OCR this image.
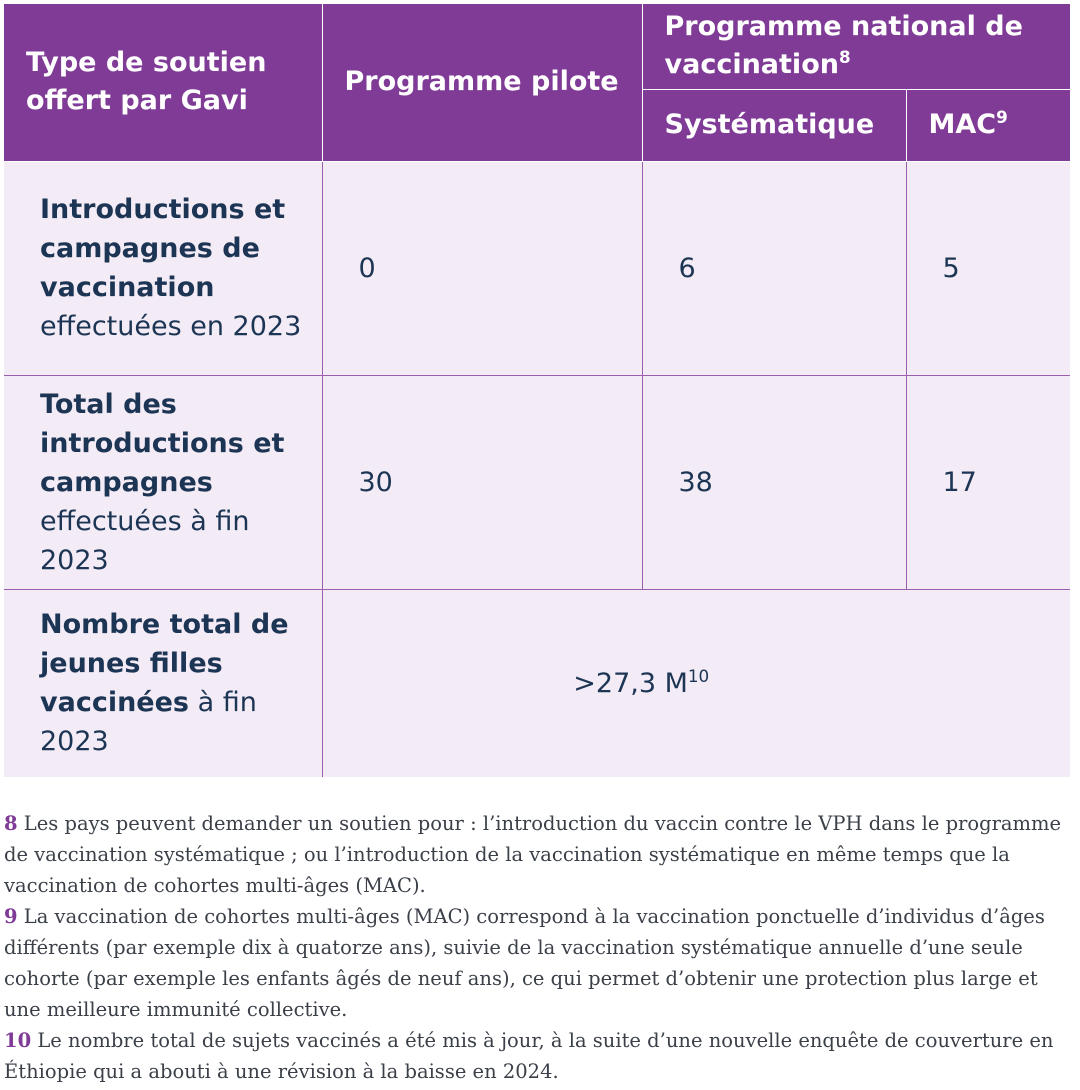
Type de soutien offert par Gavi	Programme pilote	Programme national de vaccination$^8$
		Systématique	MAC$^9$
Introductions et campagnes de vaccination effectuées en 2023	0	6	5
Total des introductions et campagnes effectuées à fin 2023	30	38	17
Nombre total de jeunes filles vaccinées à fin 2023	>27,3 $M^{10}$

8 Les pays peuvent demander un soutien pour : l’introduction du vaccin contre le VPH dans le programme de vaccination systématique ; ou l’introduction de la vaccination systématique en même temps que la vaccination de cohortes multi-âges (MAC).

9 La vaccination de cohortes multi-âges (MAC) correspond à la vaccination ponctuelle d’individus d’âges différents (par exemple dix à quatorze ans), suivie de la vaccination systématique annuelle d’une seule cohorte (par exemple les enfants âgés de neuf ans), ce qui permet d’obtenir une protection plus large et une meilleure immunité collective.

10 Le nombre total de sujets vaccinés a été mis à jour, à la suite d’une nouvelle enquête de couverture en Éthiopie qui a abouti à une révision à la baisse en 2024.
